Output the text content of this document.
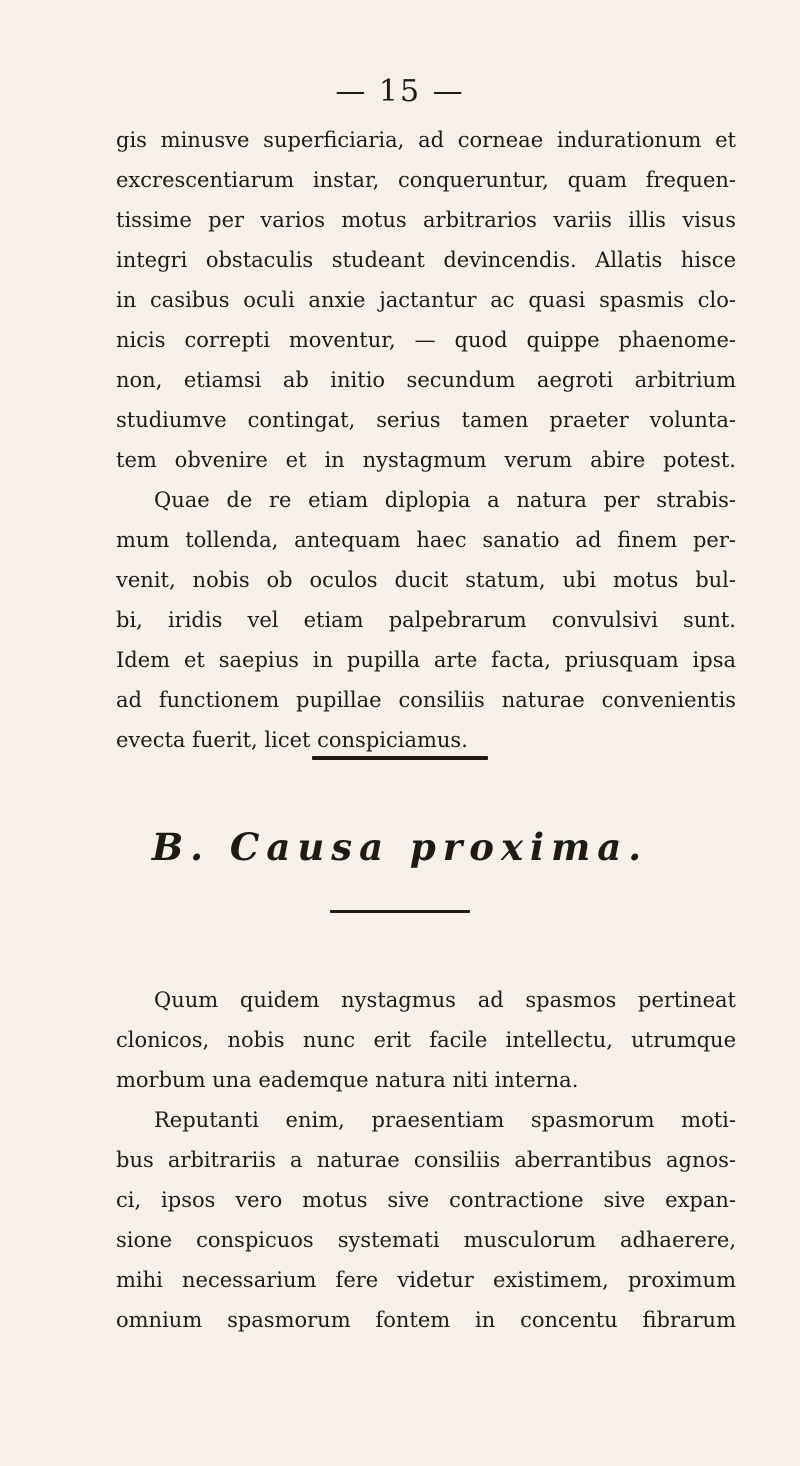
— 15 —
gis minusve superficiaria, ad corneae indurationum et
excrescentiarum instar, conqueruntur, quam frequen-
tissime per varios motus arbitrarios variis illis visus
integri obstaculis studeant devincendis. Allatis hisce
in casibus oculi anxie jactantur ac quasi spasmis clo-
nicis correpti moventur, — quod quippe phaenome-
non, etiamsi ab initio secundum aegroti arbitrium
studiumve contingat, serius tamen praeter volunta-
tem obvenire et in nystagmum verum abire potest.
Quae de re etiam diplopia a natura per strabis-
mum tollenda, antequam haec sanatio ad finem per-
venit, nobis ob oculos ducit statum, ubi motus bul-
bi, iridis vel etiam palpebrarum convulsivi sunt.
Idem et saepius in pupilla arte facta, priusquam ipsa
ad functionem pupillae consiliis naturae convenientis
evecta fuerit, licet conspiciamus.
B. Causa proxima.
Quum quidem nystagmus ad spasmos pertineat
clonicos, nobis nunc erit facile intellectu, utrumque
morbum una eademque natura niti interna.
Reputanti enim, praesentiam spasmorum moti-
bus arbitrariis a naturae consiliis aberrantibus agnos-
ci, ipsos vero motus sive contractione sive expan-
sione conspicuos systemati musculorum adhaerere,
mihi necessarium fere videtur existimem, proximum
omnium spasmorum fontem in concentu fibrarum
